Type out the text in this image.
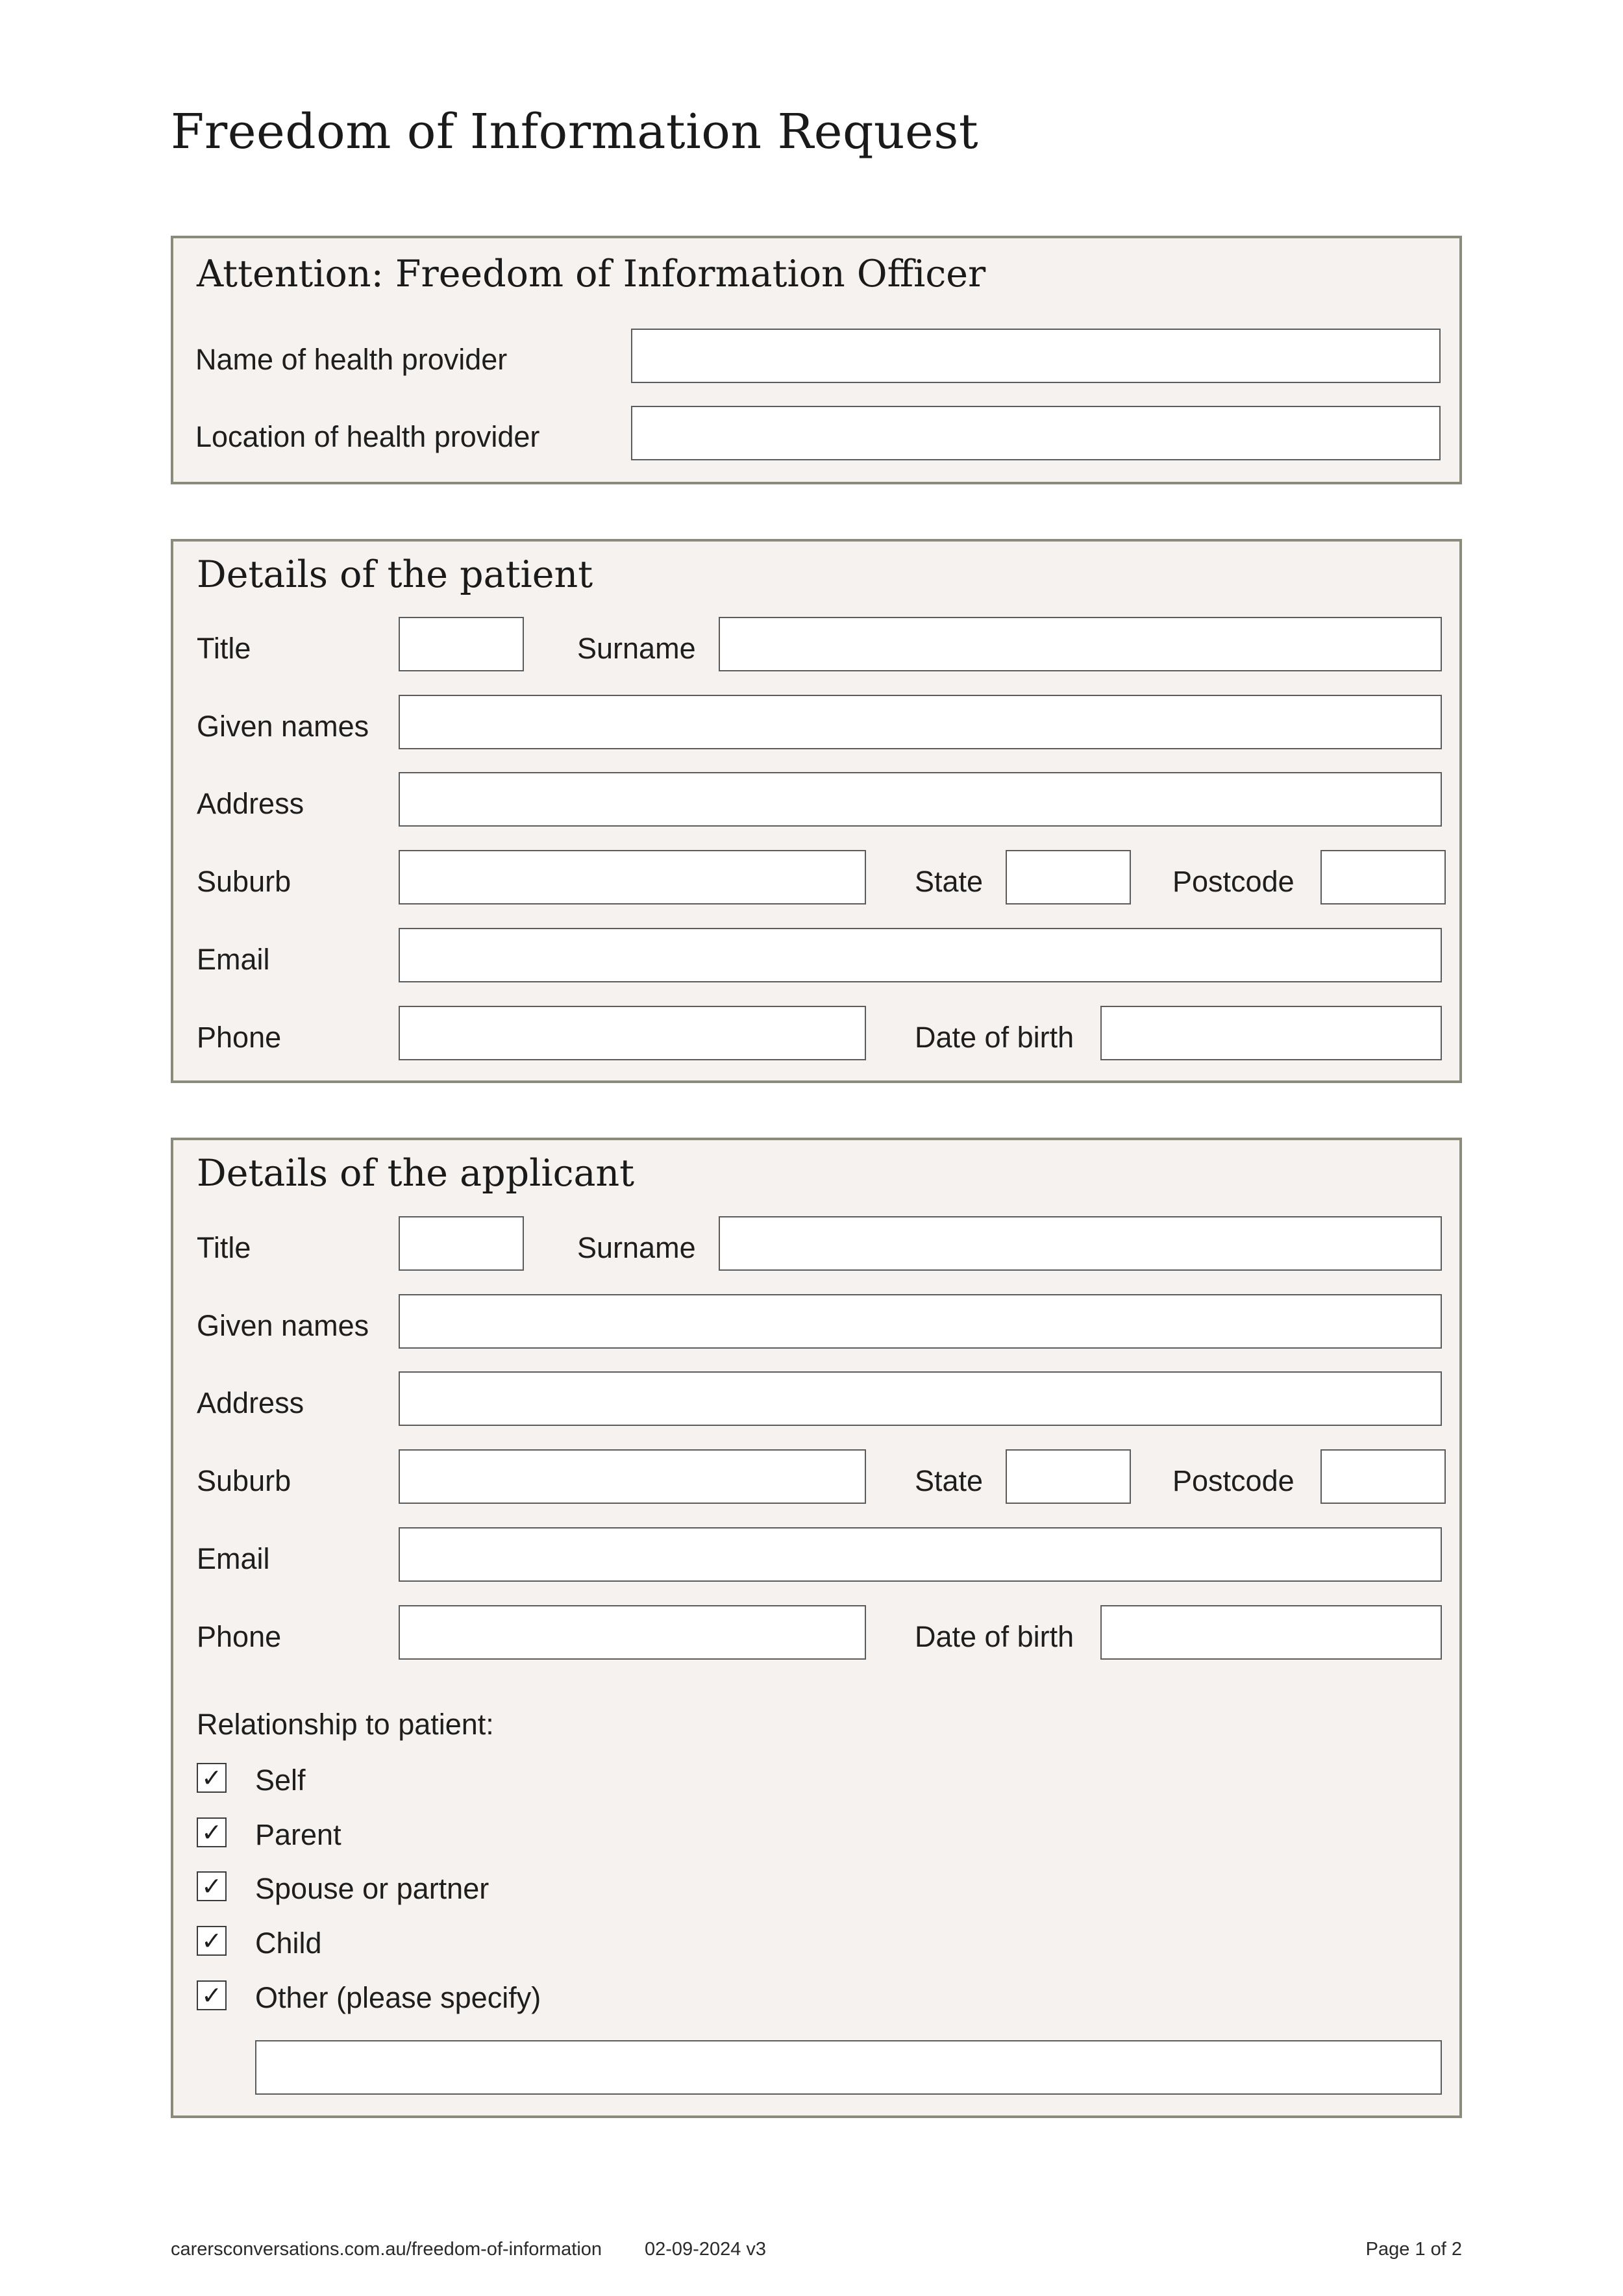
Freedom of Information Request
Attention: Freedom of Information Officer
Name of health provider
Location of health provider
Details of the patient
Title	Surname
Given names
Address
Suburb	State	Postcode
Email
Phone	Date of birth
Details of the applicant
Title	Surname
Given names
Address
Suburb	State	Postcode
Email
Phone	Date of birth
Relationship to patient:
✓ Self
✓ Parent
✓ Spouse or partner
✓ Child
✓ Other (please specify)
carersconversations.com.au/freedom-of-information 02-09-2024 v3	Page 1 of 2
